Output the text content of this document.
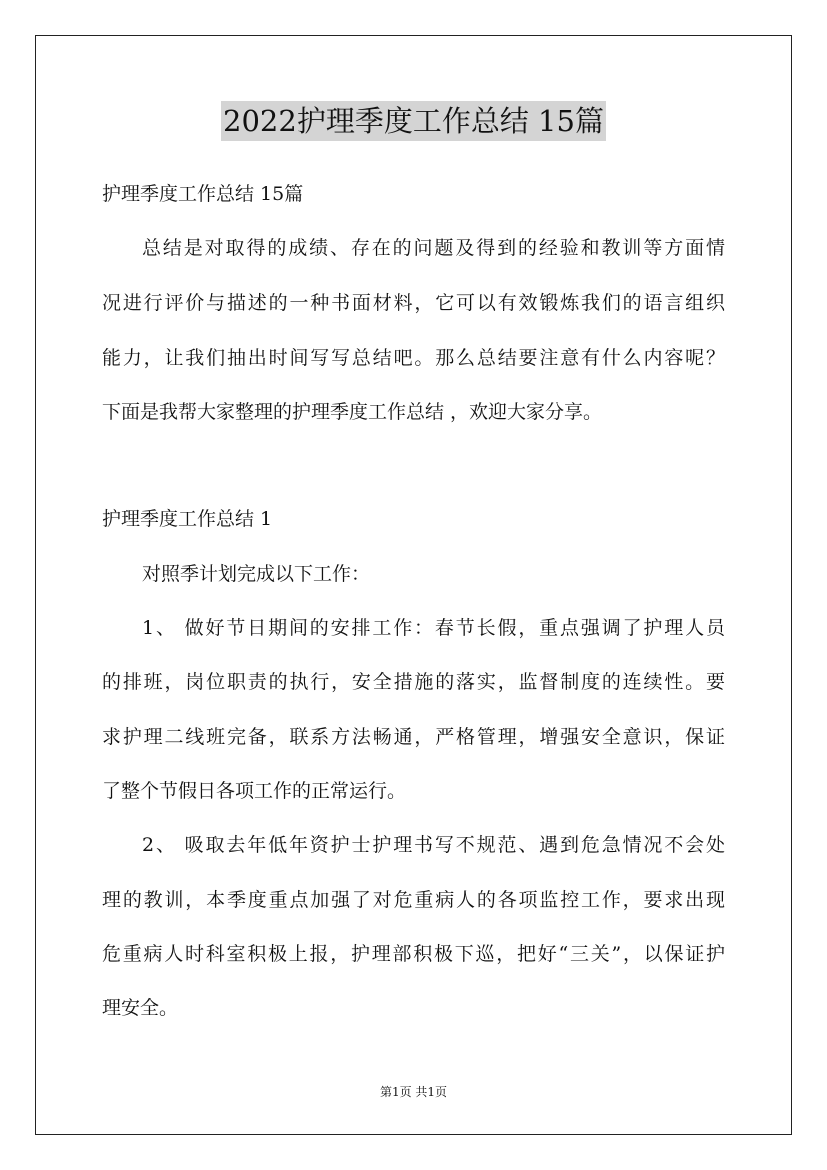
2022护理季度工作总结 15篇
护理季度工作总结 15篇
总结是对取得的成绩、存在的问题及得到的经验和教训等方面情
况进行评价与描述的一种书面材料，它可以有效锻炼我们的语言组织
能力，让我们抽出时间写写总结吧。那么总结要注意有什么内容呢？
下面是我帮大家整理的护理季度工作总结 ，欢迎大家分享。
护理季度工作总结 1
对照季计划完成以下工作：
1、 做好节日期间的安排工作：春节长假，重点强调了护理人员
的排班，岗位职责的执行，安全措施的落实，监督制度的连续性。要
求护理二线班完备，联系方法畅通，严格管理，增强安全意识，保证
了整个节假日各项工作的正常运行。
2、 吸取去年低年资护士护理书写不规范、遇到危急情况不会处
理的教训，本季度重点加强了对危重病人的各项监控工作，要求出现
危重病人时科室积极上报，护理部积极下巡，把好“三关”，以保证护
理安全。
第1页 共1页
